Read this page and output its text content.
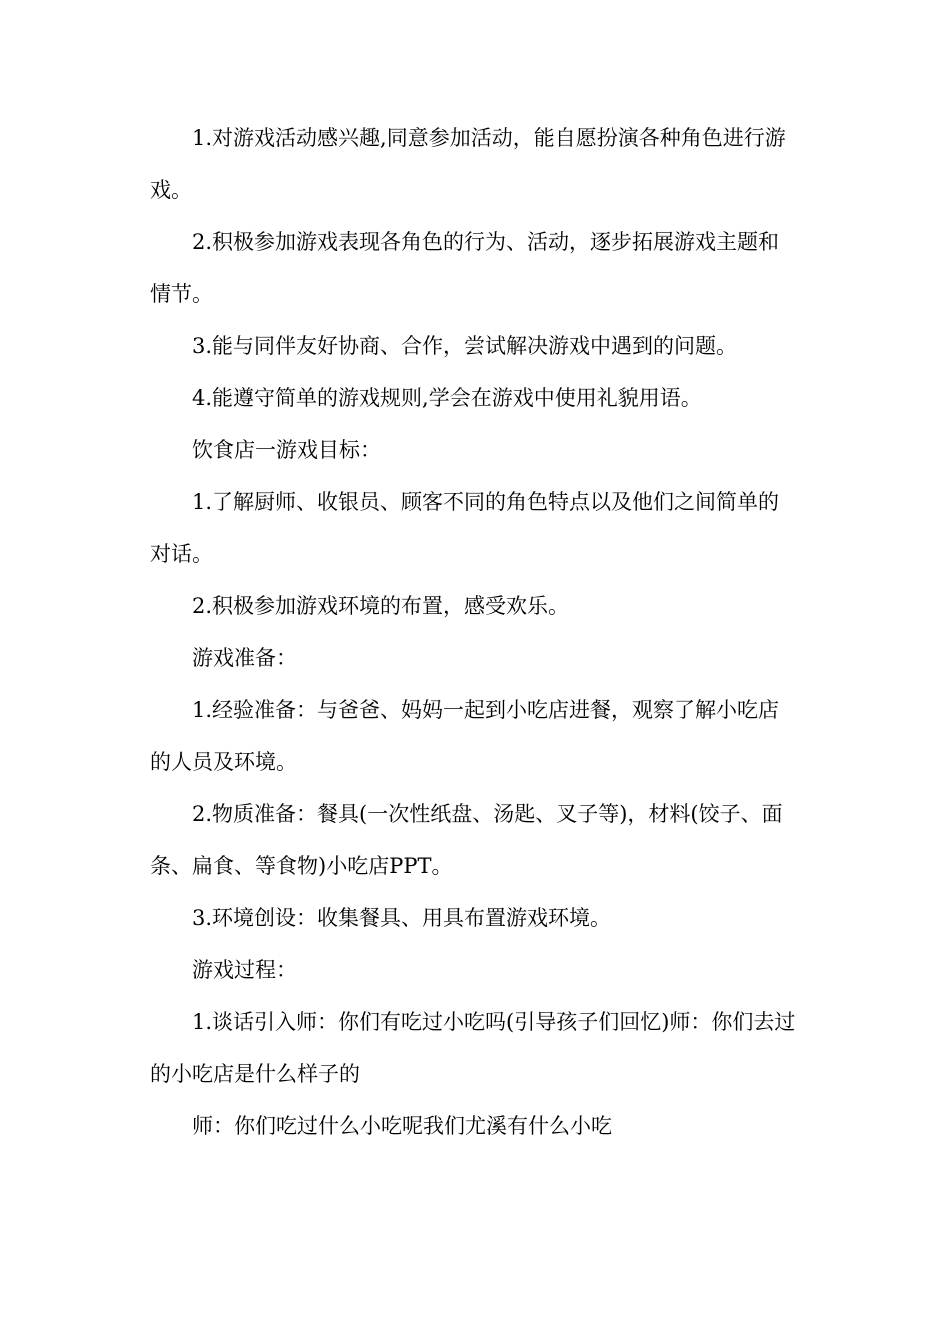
1.对游戏活动感兴趣,同意参加活动，能自愿扮演各种角色进行游戏。

2.积极参加游戏表现各角色的行为、活动，逐步拓展游戏主题和情节。

3.能与同伴友好协商、合作，尝试解决游戏中遇到的问题。

4.能遵守简单的游戏规则,学会在游戏中使用礼貌用语。

饮食店一游戏目标：

1.了解厨师、收银员、顾客不同的角色特点以及他们之间简单的对话。

2.积极参加游戏环境的布置，感受欢乐。

游戏准备：

1.经验准备：与爸爸、妈妈一起到小吃店进餐，观察了解小吃店的人员及环境。

2.物质准备：餐具(一次性纸盘、汤匙、叉子等)，材料(饺子、面条、扁食、等食物)小吃店PPT。

3.环境创设：收集餐具、用具布置游戏环境。

游戏过程：

1.谈话引入师：你们有吃过小吃吗(引导孩子们回忆)师：你们去过的小吃店是什么样子的

师：你们吃过什么小吃呢我们尤溪有什么小吃
